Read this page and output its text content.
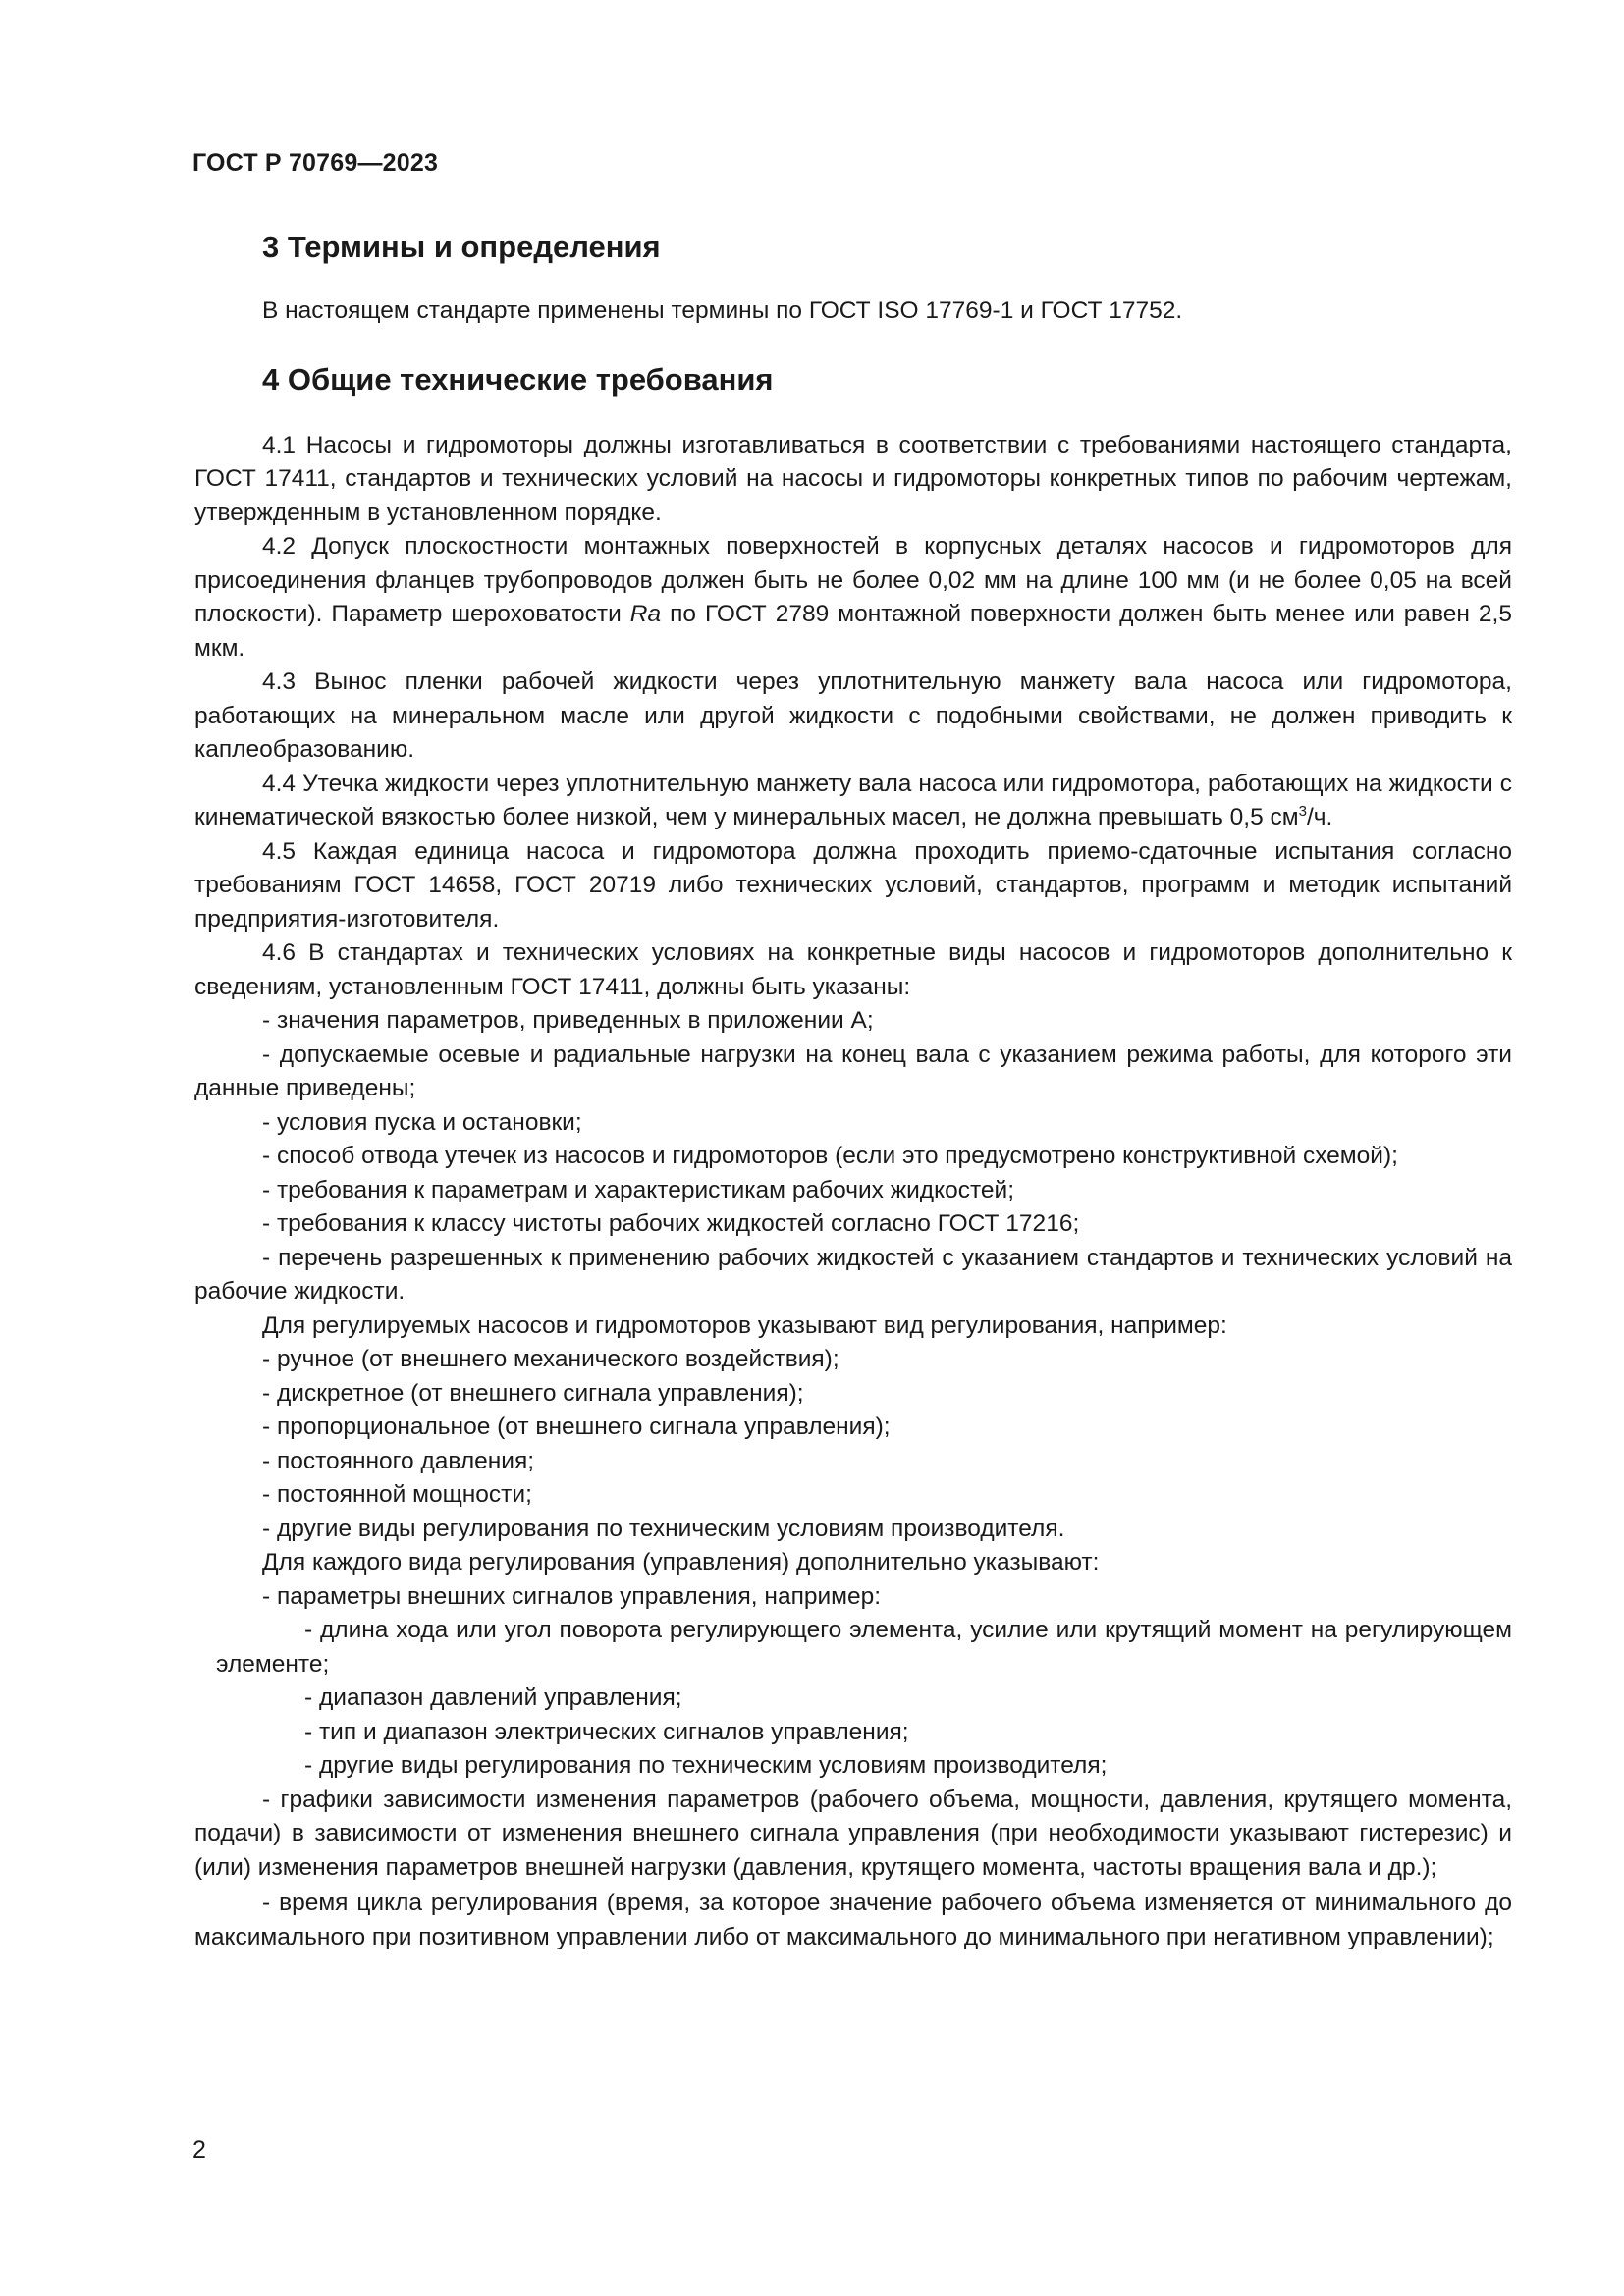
ГОСТ Р 70769—2023
3 Термины и определения

В настоящем стандарте применены термины по ГОСТ ISO 17769-1 и ГОСТ 17752.

4 Общие технические требования

4.1 Насосы и гидромоторы должны изготавливаться в соответствии с требованиями настоящего стандарта, ГОСТ 17411, стандартов и технических условий на насосы и гидромоторы конкретных типов по рабочим чертежам, утвержденным в установленном порядке.

4.2 Допуск плоскостности монтажных поверхностей в корпусных деталях насосов и гидромоторов для присоединения фланцев трубопроводов должен быть не более 0,02 мм на длине 100 мм (и не более 0,05 на всей плоскости). Параметр шероховатости Ra по ГОСТ 2789 монтажной поверхности должен быть менее или равен 2,5 мкм.

4.3 Вынос пленки рабочей жидкости через уплотнительную манжету вала насоса или гидромотора, работающих на минеральном масле или другой жидкости с подобными свойствами, не должен приводить к каплеобразованию.

4.4 Утечка жидкости через уплотнительную манжету вала насоса или гидромотора, работающих на жидкости с кинематической вязкостью более низкой, чем у минеральных масел, не должна превышать 0,5 $см^3/ч$.

4.5 Каждая единица насоса и гидромотора должна проходить приемо-сдаточные испытания согласно требованиям ГОСТ 14658, ГОСТ 20719 либо технических условий, стандартов, программ и методик испытаний предприятия-изготовителя.

4.6 В стандартах и технических условиях на конкретные виды насосов и гидромоторов дополнительно к сведениям, установленным ГОСТ 17411, должны быть указаны:

- значения параметров, приведенных в приложении А;

- допускаемые осевые и радиальные нагрузки на конец вала с указанием режима работы, для которого эти данные приведены;

- условия пуска и остановки;

- способ отвода утечек из насосов и гидромоторов (если это предусмотрено конструктивной схемой);

- требования к параметрам и характеристикам рабочих жидкостей;

- требования к классу чистоты рабочих жидкостей согласно ГОСТ 17216;

- перечень разрешенных к применению рабочих жидкостей с указанием стандартов и технических условий на рабочие жидкости.

Для регулируемых насосов и гидромоторов указывают вид регулирования, например:

- ручное (от внешнего механического воздействия);

- дискретное (от внешнего сигнала управления);

- пропорциональное (от внешнего сигнала управления);

- постоянного давления;

- постоянной мощности;

- другие виды регулирования по техническим условиям производителя.

Для каждого вида регулирования (управления) дополнительно указывают:

- параметры внешних сигналов управления, например:

- длина хода или угол поворота регулирующего элемента, усилие или крутящий момент на регулирующем элементе;

- диапазон давлений управления;

- тип и диапазон электрических сигналов управления;

- другие виды регулирования по техническим условиям производителя;

- графики зависимости изменения параметров (рабочего объема, мощности, давления, крутящего момента, подачи) в зависимости от изменения внешнего сигнала управления (при необходимости указывают гистерезис) и (или) изменения параметров внешней нагрузки (давления, крутящего момента, частоты вращения вала и др.);

- время цикла регулирования (время, за которое значение рабочего объема изменяется от минимального до максимального при позитивном управлении либо от максимального до минимального при негативном управлении);

2
